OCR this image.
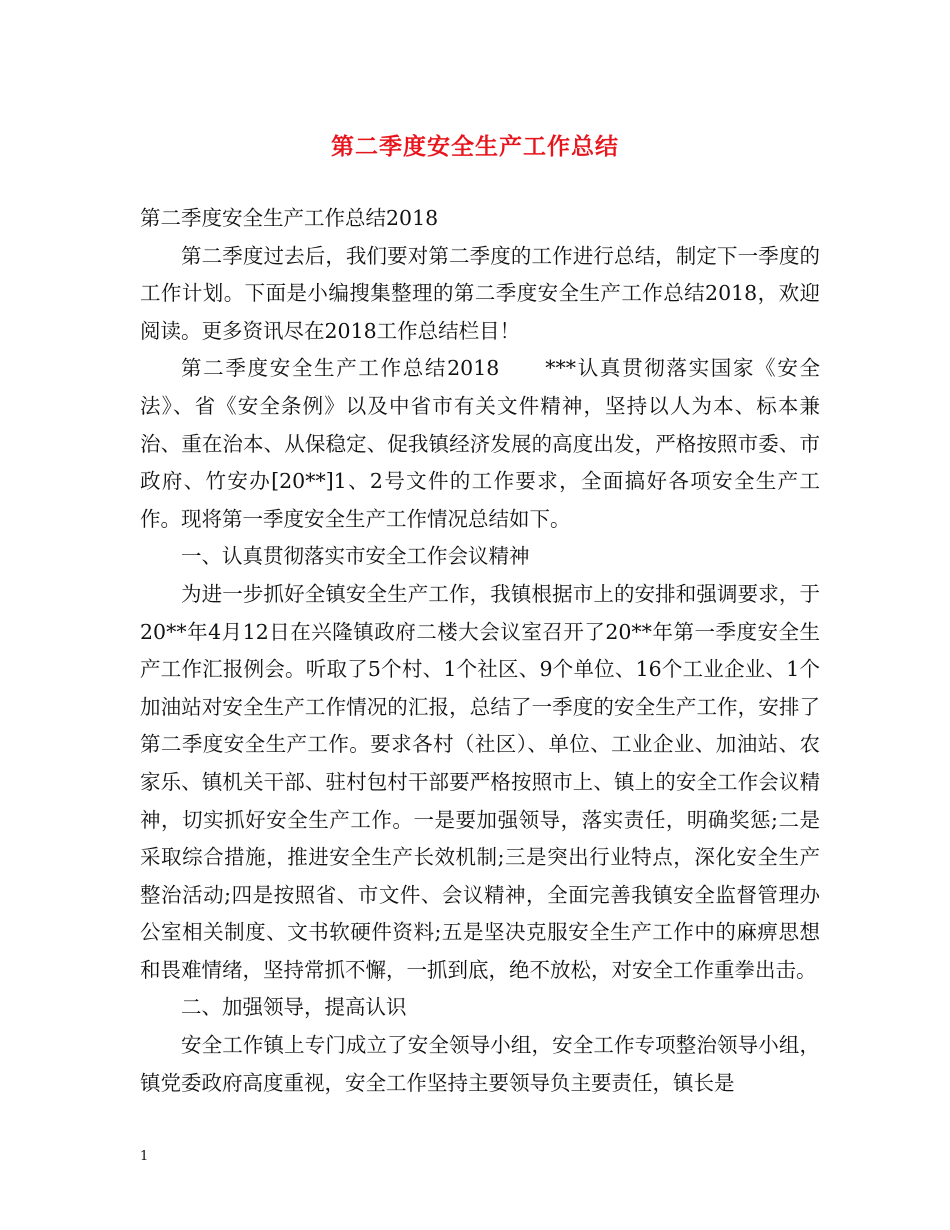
第二季度安全生产工作总结

第二季度安全生产工作总结2018

第二季度过去后，我们要对第二季度的工作进行总结，制定下一季度的工作计划。下面是小编搜集整理的第二季度安全生产工作总结2018，欢迎阅读。更多资讯尽在2018工作总结栏目！

第二季度安全生产工作总结2018　　***认真贯彻落实国家《安全法》、省《安全条例》以及中省市有关文件精神，坚持以人为本、标本兼治、重在治本、从保稳定、促我镇经济发展的高度出发，严格按照市委、市政府、竹安办[20**]1、2号文件的工作要求，全面搞好各项安全生产工作。现将第一季度安全生产工作情况总结如下。

一、认真贯彻落实市安全工作会议精神

为进一步抓好全镇安全生产工作，我镇根据市上的安排和强调要求，于20**年4月12日在兴隆镇政府二楼大会议室召开了20**年第一季度安全生产工作汇报例会。听取了5个村、1个社区、9个单位、16个工业企业、1个加油站对安全生产工作情况的汇报，总结了一季度的安全生产工作，安排了第二季度安全生产工作。要求各村（社区）、单位、工业企业、加油站、农家乐、镇机关干部、驻村包村干部要严格按照市上、镇上的安全工作会议精神，切实抓好安全生产工作。一是要加强领导，落实责任，明确奖惩;二是采取综合措施，推进安全生产长效机制;三是突出行业特点，深化安全生产整治活动;四是按照省、市文件、会议精神，全面完善我镇安全监督管理办公室相关制度、文书软硬件资料;五是坚决克服安全生产工作中的麻痹思想和畏难情绪，坚持常抓不懈，一抓到底，绝不放松，对安全工作重拳出击。

二、加强领导，提高认识

安全工作镇上专门成立了安全领导小组，安全工作专项整治领导小组，镇党委政府高度重视，安全工作坚持主要领导负主要责任，镇长是

1
